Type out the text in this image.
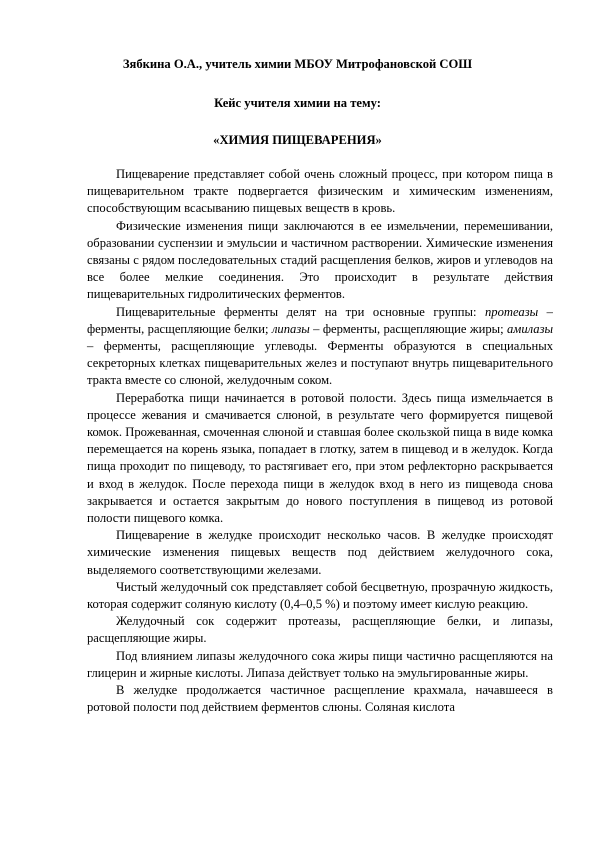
Зябкина О.А., учитель химии МБОУ Митрофановской СОШ
Кейс учителя химии на тему:
«ХИМИЯ ПИЩЕВАРЕНИЯ»

Пищеварение представляет собой очень сложный процесс, при котором пища в пищеварительном тракте подвергается физическим и химическим изменениям, способствующим всасыванию пищевых веществ в кровь.

Физические изменения пищи заключаются в ее измельчении, перемешивании, образовании суспензии и эмульсии и частичном растворении. Химические изменения связаны с рядом последовательных стадий расщепления белков, жиров и углеводов на все более мелкие соединения. Это происходит в результате действия пищеварительных гидролитических ферментов.

Пищеварительные ферменты делят на три основные группы: протеазы – ферменты, расщепляющие белки; липазы – ферменты, расщепляющие жиры; амилазы – ферменты, расщепляющие углеводы. Ферменты образуются в специальных секреторных клетках пищеварительных желез и поступают внутрь пищеварительного тракта вместе со слюной, желудочным соком.

Переработка пищи начинается в ротовой полости. Здесь пища измельчается в процессе жевания и смачивается слюной, в результате чего формируется пищевой комок. Прожеванная, смоченная слюной и ставшая более скользкой пища в виде комка перемещается на корень языка, попадает в глотку, затем в пищевод и в желудок. Когда пища проходит по пищеводу, то растягивает его, при этом рефлекторно раскрывается и вход в желудок. После перехода пищи в желудок вход в него из пищевода снова закрывается и остается закрытым до нового поступления в пищевод из ротовой полости пищевого комка.

Пищеварение в желудке происходит несколько часов. В желудке происходят химические изменения пищевых веществ под действием желудочного сока, выделяемого соответствующими железами.

Чистый желудочный сок представляет собой бесцветную, прозрачную жидкость, которая содержит соляную кислоту (0,4–0,5 %) и поэтому имеет кислую реакцию.

Желудочный сок содержит протеазы, расщепляющие белки, и липазы, расщепляющие жиры.

Под влиянием липазы желудочного сока жиры пищи частично расщепляются на глицерин и жирные кислоты. Липаза действует только на эмульгированные жиры.

В желудке продолжается частичное расщепление крахмала, начавшееся в ротовой полости под действием ферментов слюны. Соляная кислота
